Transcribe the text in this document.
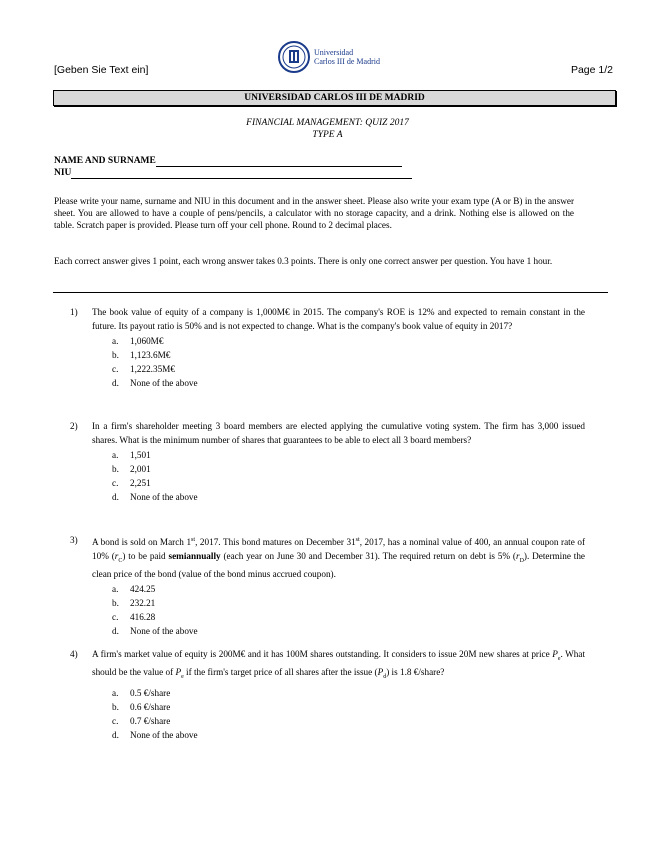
[Geben Sie Text ein]
Universidad
Carlos III de Madrid
Page 1/2
UNIVERSIDAD CARLOS III DE MADRID
FINANCIAL MANAGEMENT: QUIZ 2017
TYPE A
NAME AND SURNAME
NIU
Please write your name, surname and NIU in this document and in the answer sheet. Please also write your exam type (A or B) in the answer sheet. You are allowed to have a couple of pens/pencils, a calculator with no storage capacity, and a drink. Nothing else is allowed on the table. Scratch paper is provided. Please turn off your cell phone. Round to 2 decimal places.
Each correct answer gives 1 point, each wrong answer takes 0.3 points. There is only one correct answer per question. You have 1 hour.
1) The book value of equity of a company is 1,000M€ in 2015. The company's ROE is 12% and expected to remain constant in the future. Its payout ratio is 50% and is not expected to change. What is the company's book value of equity in 2017?
a.	1,060M€
b.	1,123.6M€
c.	1,222.35M€
d.	None of the above
2) In a firm's shareholder meeting 3 board members are elected applying the cumulative voting system. The firm has 3,000 issued shares. What is the minimum number of shares that guarantees to be able to elect all 3 board members?
a.	1,501
b.	2,001
c.	2,251
d.	None of the above
3) A bond is sold on March 1st, 2017. This bond matures on December 31st, 2017, has a nominal value of 400, an annual coupon rate of 10% $(r_C)$ to be paid semiannually (each year on June 30 and December 31). The required return on debt is 5% $(r_D)$. Determine the clean price of the bond (value of the bond minus accrued coupon).
a.	424.25
b.	232.21
c.	416.28
d.	None of the above
4) A firm's market value of equity is 200M€ and it has 100M shares outstanding. It considers to issue 20M new shares at price $P_e$. What should be the value of $P_e$ if the firm's target price of all shares after the issue $(P_d)$ is 1.8 €/share?
a.	0.5 €/share
b.	0.6 €/share
c.	0.7 €/share
d.	None of the above
